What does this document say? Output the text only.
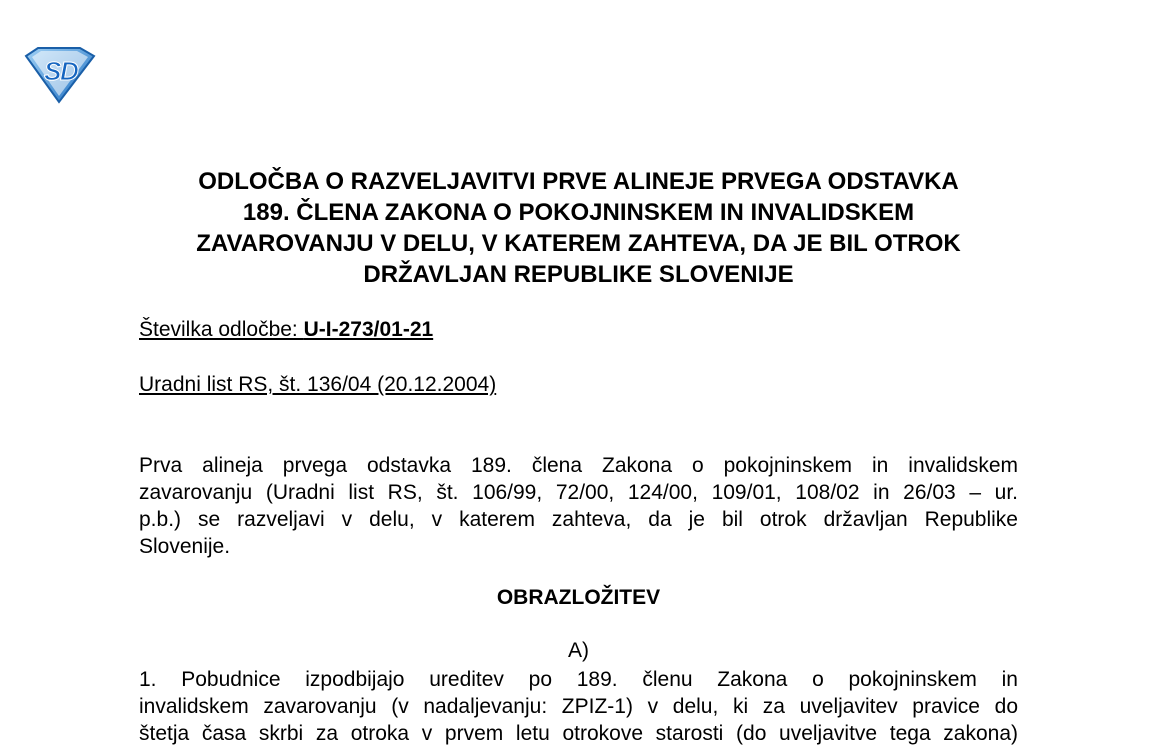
S
D
ODLOČBA O RAZVELJAVITVI PRVE ALINEJE PRVEGA ODSTAVKA
189. ČLENA ZAKONA O POKOJNINSKEM IN INVALIDSKEM
ZAVAROVANJU V DELU, V KATEREM ZAHTEVA, DA JE BIL OTROK
DRŽAVLJAN REPUBLIKE SLOVENIJE
Številka odločbe: U-I-273/01-21
Uradni list RS, št. 136/04 (20.12.2004)
Prva alineja prvega odstavka 189. člena Zakona o pokojninskem in invalidskem
zavarovanju (Uradni list RS, št. 106/99, 72/00, 124/00, 109/01, 108/02 in 26/03 – ur.
p.b.) se razveljavi v delu, v katerem zahteva, da je bil otrok državljan Republike
Slovenije.
OBRAZLOŽITEV
A)
1. Pobudnice izpodbijajo ureditev po 189. členu Zakona o pokojninskem in
invalidskem zavarovanju (v nadaljevanju: ZPIZ-1) v delu, ki za uveljavitev pravice do
štetja časa skrbi za otroka v prvem letu otrokove starosti (do uveljavitve tega zakona)
